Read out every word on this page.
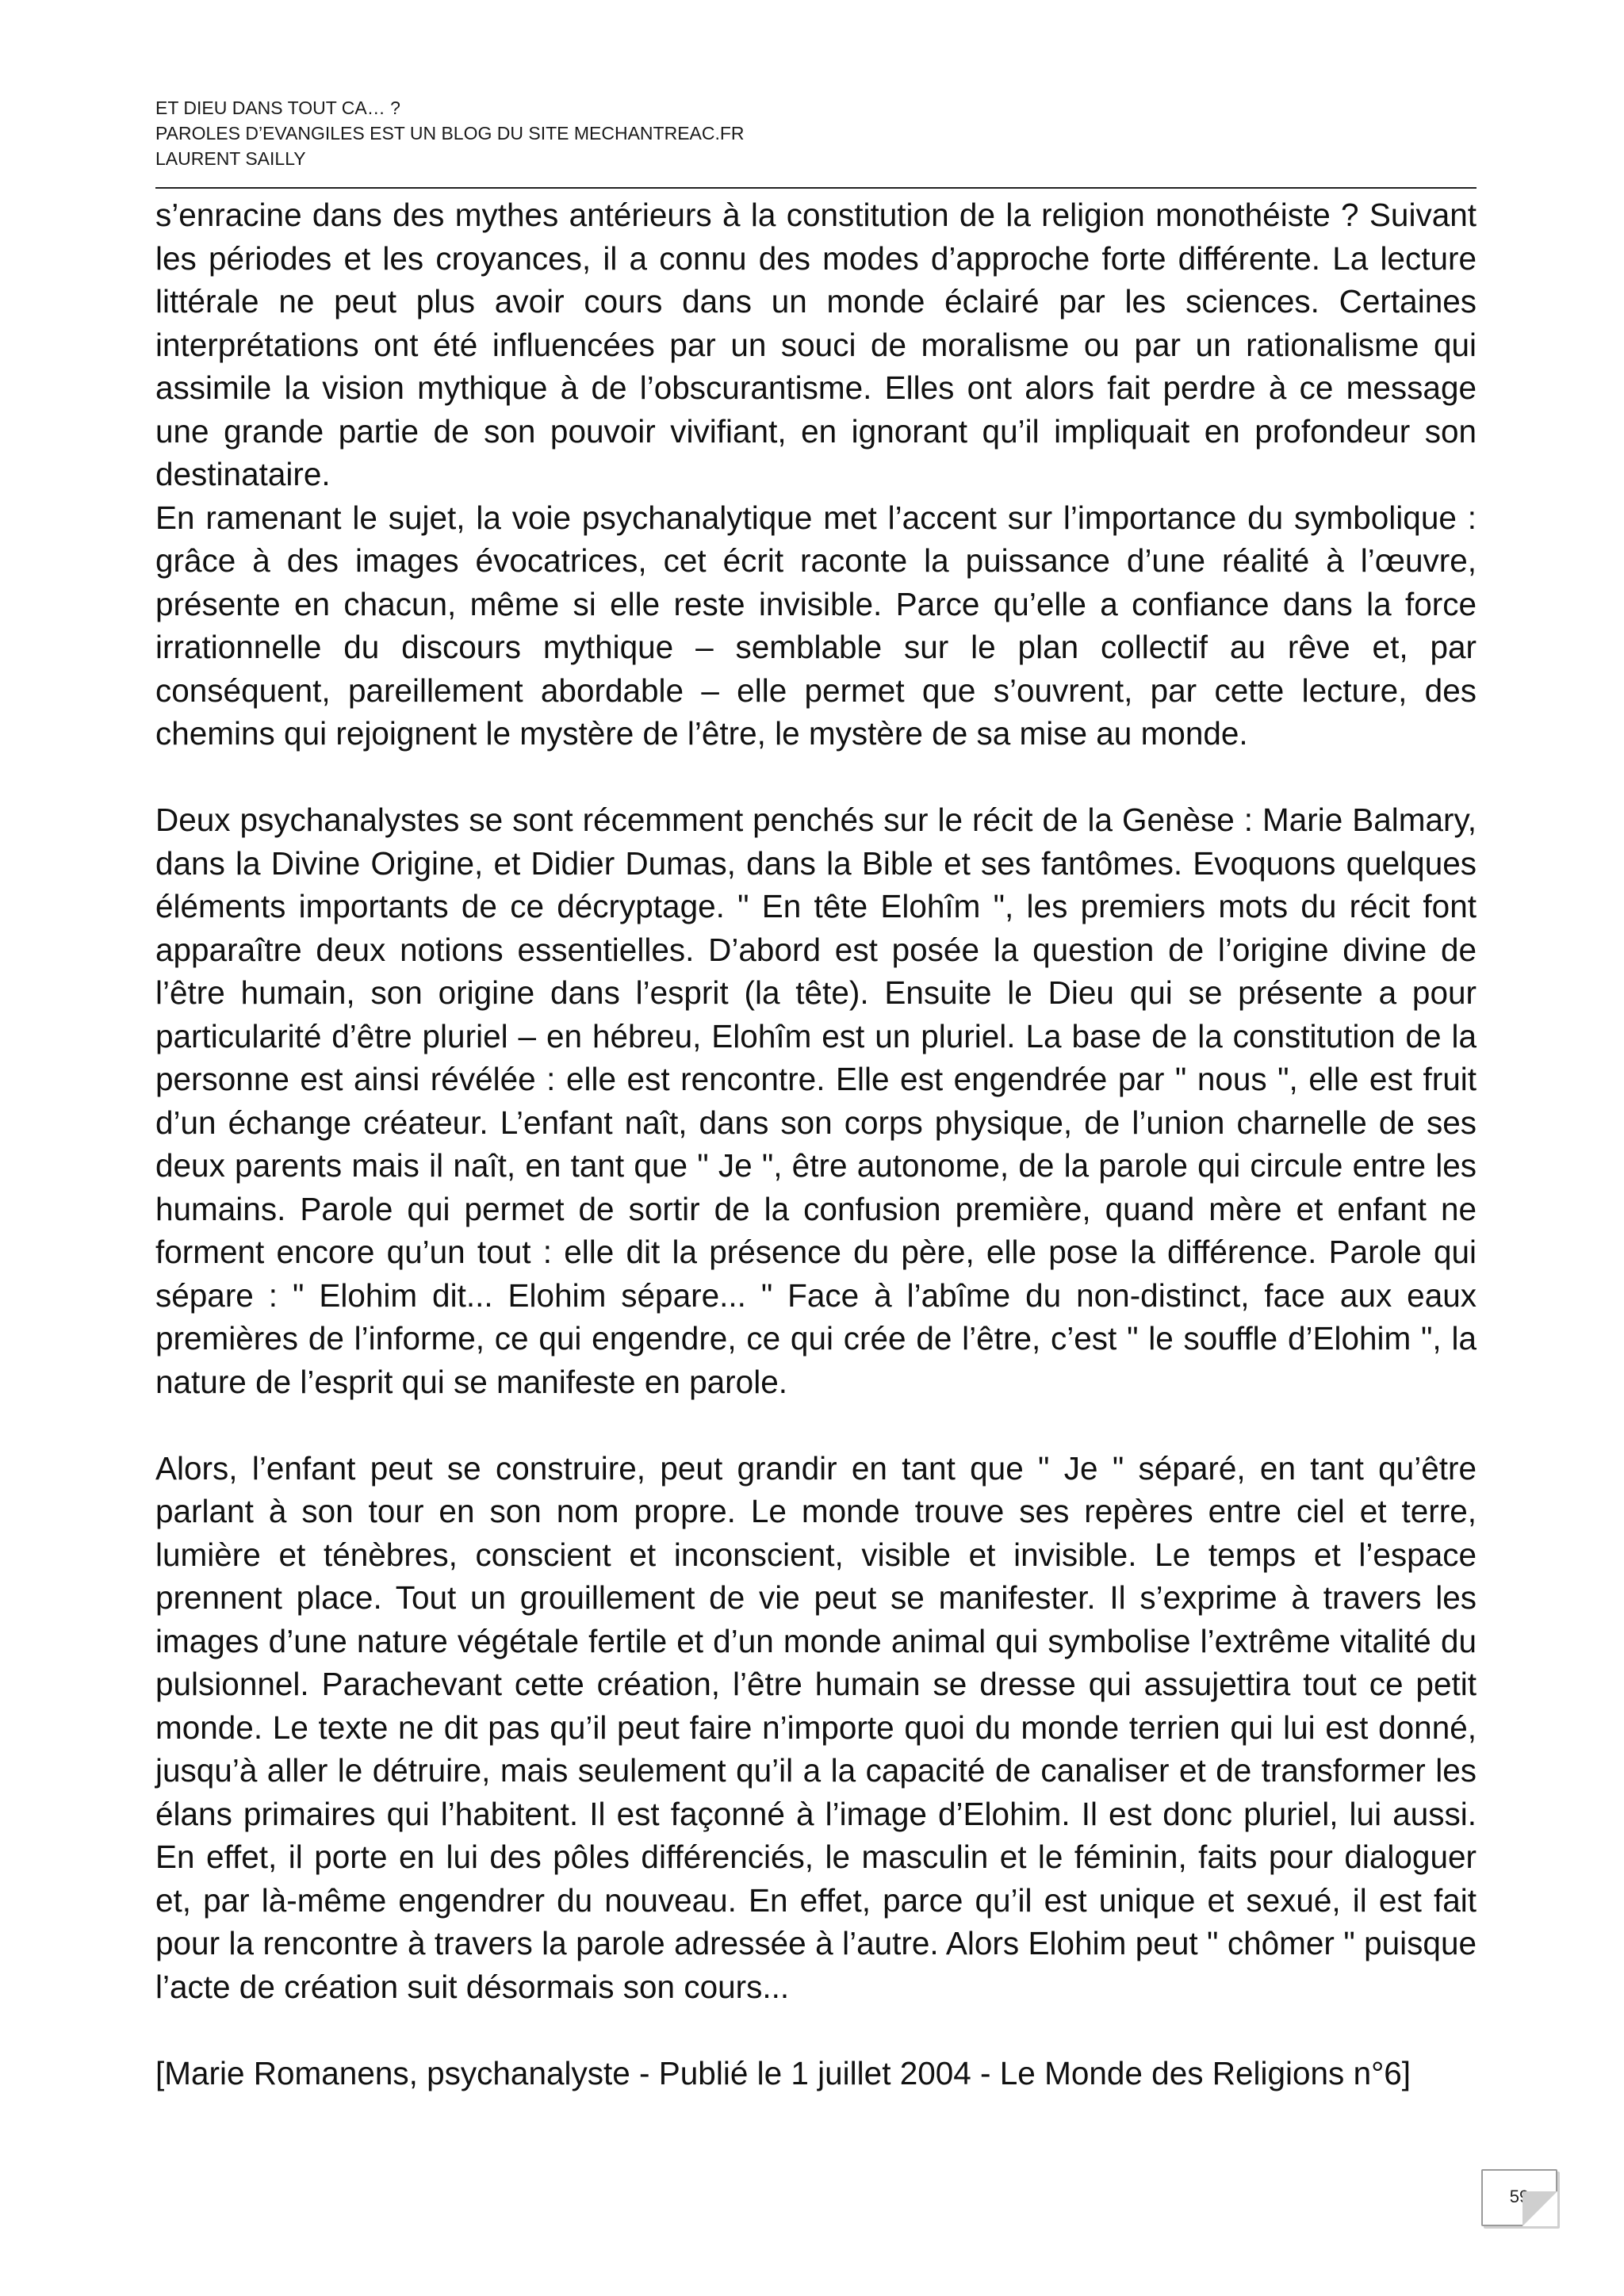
ET DIEU DANS TOUT CA… ?
PAROLES D’EVANGILES EST UN BLOG DU SITE MECHANTREAC.FR
LAURENT SAILLY

s’enracine dans des mythes antérieurs à la constitution de la religion monothéiste ? Suivant les périodes et les croyances, il a connu des modes d’approche forte différente. La lecture littérale ne peut plus avoir cours dans un monde éclairé par les sciences. Certaines interprétations ont été influencées par un souci de moralisme ou par un rationalisme qui assimile la vision mythique à de l’obscurantisme. Elles ont alors fait perdre à ce message une grande partie de son pouvoir vivifiant, en ignorant qu’il impliquait en profondeur son destinataire.

En ramenant le sujet, la voie psychanalytique met l’accent sur l’importance du symbolique : grâce à des images évocatrices, cet écrit raconte la puissance d’une réalité à l’œuvre, présente en chacun, même si elle reste invisible. Parce qu’elle a confiance dans la force irrationnelle du discours mythique – semblable sur le plan collectif au rêve et, par conséquent, pareillement abordable – elle permet que s’ouvrent, par cette lecture, des chemins qui rejoignent le mystère de l’être, le mystère de sa mise au monde.

Deux psychanalystes se sont récemment penchés sur le récit de la Genèse : Marie Balmary, dans la Divine Origine, et Didier Dumas, dans la Bible et ses fantômes. Evoquons quelques éléments importants de ce décryptage. " En tête Elohîm ", les premiers mots du récit font apparaître deux notions essentielles. D’abord est posée la question de l’origine divine de l’être humain, son origine dans l’esprit (la tête). Ensuite le Dieu qui se présente a pour particularité d’être pluriel – en hébreu, Elohîm est un pluriel. La base de la constitution de la personne est ainsi révélée : elle est rencontre. Elle est engendrée par " nous ", elle est fruit d’un échange créateur. L’enfant naît, dans son corps physique, de l’union charnelle de ses deux parents mais il naît, en tant que " Je ", être autonome, de la parole qui circule entre les humains. Parole qui permet de sortir de la confusion première, quand mère et enfant ne forment encore qu’un tout : elle dit la présence du père, elle pose la différence. Parole qui sépare : " Elohim dit... Elohim sépare... " Face à l’abîme du non-distinct, face aux eaux premières de l’informe, ce qui engendre, ce qui crée de l’être, c’est " le souffle d’Elohim ", la nature de l’esprit qui se manifeste en parole.

Alors, l’enfant peut se construire, peut grandir en tant que " Je " séparé, en tant qu’être parlant à son tour en son nom propre. Le monde trouve ses repères entre ciel et terre, lumière et ténèbres, conscient et inconscient, visible et invisible. Le temps et l’espace prennent place. Tout un grouillement de vie peut se manifester. Il s’exprime à travers les images d’une nature végétale fertile et d’un monde animal qui symbolise l’extrême vitalité du pulsionnel. Parachevant cette création, l’être humain se dresse qui assujettira tout ce petit monde. Le texte ne dit pas qu’il peut faire n’importe quoi du monde terrien qui lui est donné, jusqu’à aller le détruire, mais seulement qu’il a la capacité de canaliser et de transformer les élans primaires qui l’habitent. Il est façonné à l’image d’Elohim. Il est donc pluriel, lui aussi. En effet, il porte en lui des pôles différenciés, le masculin et le féminin, faits pour dialoguer et, par là-même engendrer du nouveau. En effet, parce qu’il est unique et sexué, il est fait pour la rencontre à travers la parole adressée à l’autre. Alors Elohim peut " chômer " puisque l’acte de création suit désormais son cours...

[Marie Romanens, psychanalyste - Publié le 1 juillet 2004 - Le Monde des Religions n°6]

59
